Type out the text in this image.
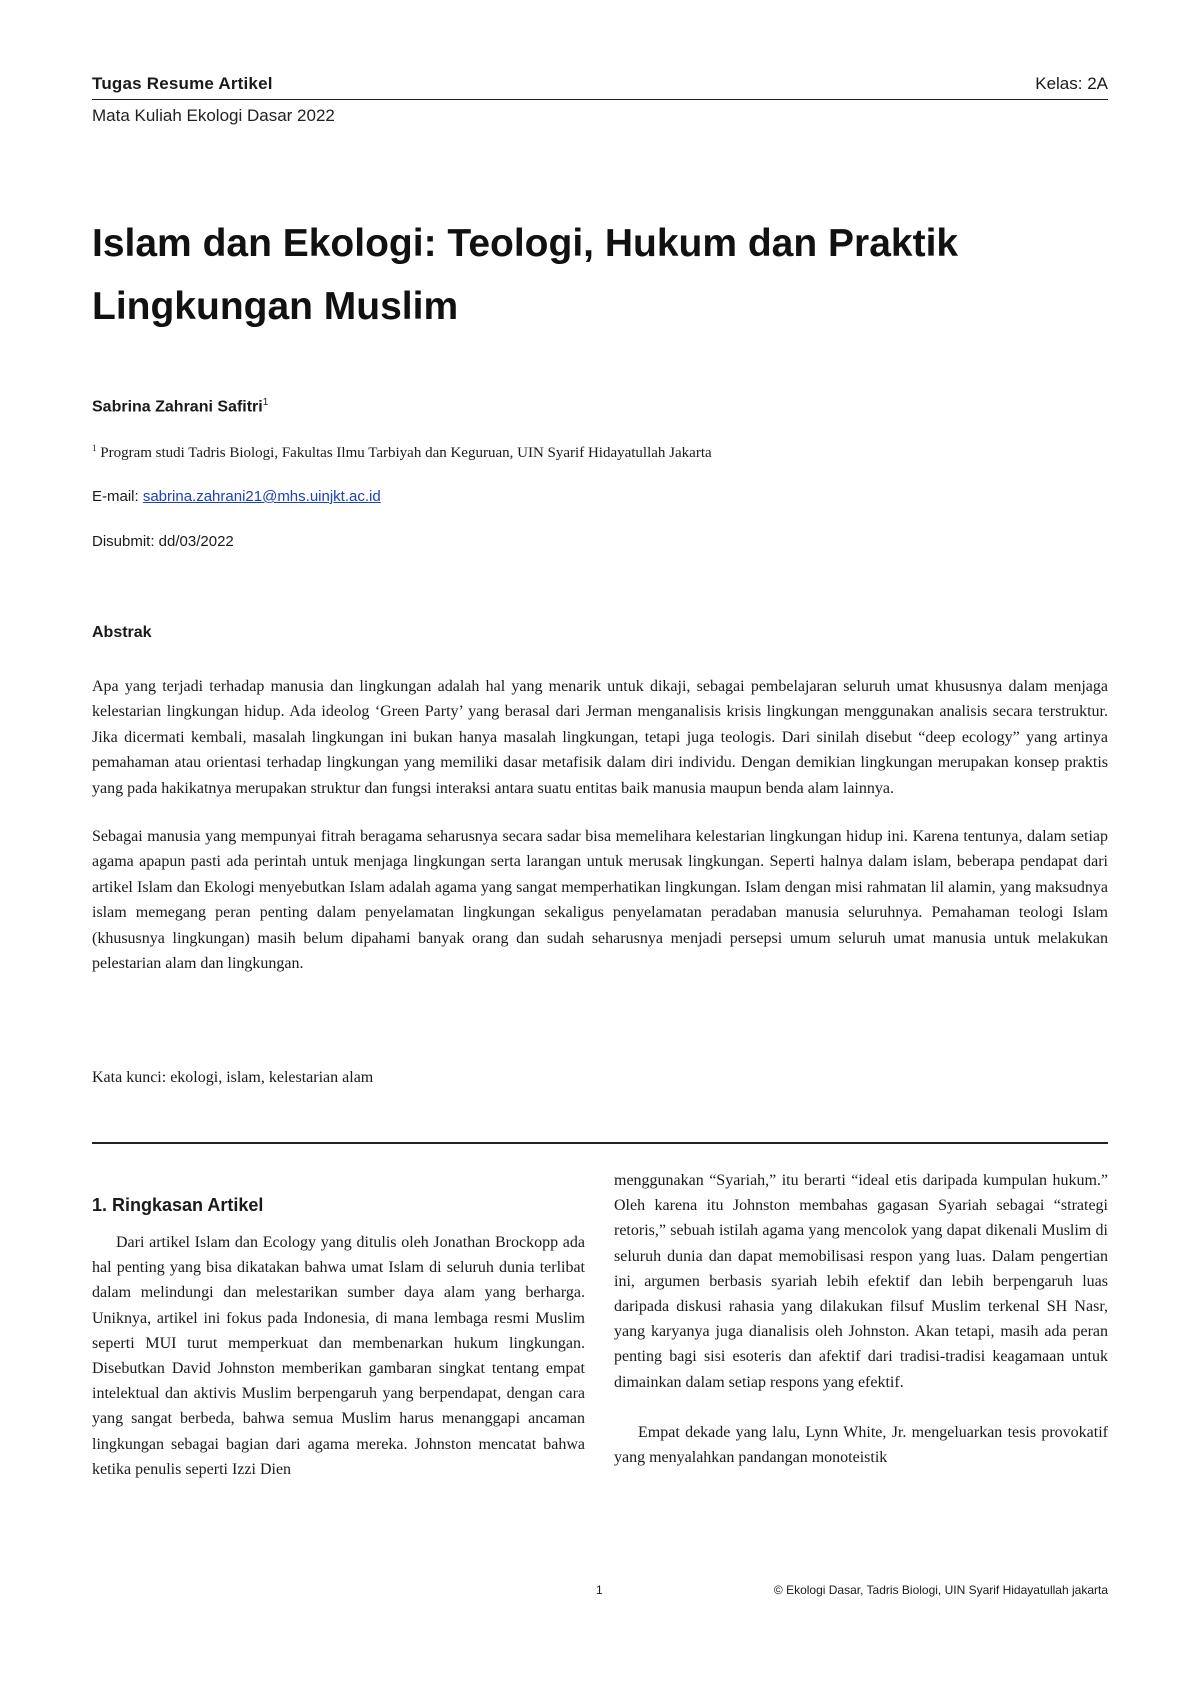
Tugas Resume Artikel	Kelas: 2A
Mata Kuliah Ekologi Dasar 2022
Islam dan Ekologi: Teologi, Hukum dan Praktik
Lingkungan Muslim
Sabrina Zahrani Safitri$^1$
$^1$ Program studi Tadris Biologi, Fakultas Ilmu Tarbiyah dan Keguruan, UIN Syarif Hidayatullah Jakarta
E-mail: sabrina.zahrani21@mhs.uinjkt.ac.id
Disubmit: dd/03/2022
Abstrak

Apa yang terjadi terhadap manusia dan lingkungan adalah hal yang menarik untuk dikaji, sebagai pembelajaran seluruh umat khususnya dalam menjaga kelestarian lingkungan hidup. Ada ideolog ‘Green Party’ yang berasal dari Jerman menganalisis krisis lingkungan menggunakan analisis secara terstruktur. Jika dicermati kembali, masalah lingkungan ini bukan hanya masalah lingkungan, tetapi juga teologis. Dari sinilah disebut “deep ecology” yang artinya pemahaman atau orientasi terhadap lingkungan yang memiliki dasar metafisik dalam diri individu. Dengan demikian lingkungan merupakan konsep praktis yang pada hakikatnya merupakan struktur dan fungsi interaksi antara suatu entitas baik manusia maupun benda alam lainnya.

Sebagai manusia yang mempunyai fitrah beragama seharusnya secara sadar bisa memelihara kelestarian lingkungan hidup ini. Karena tentunya, dalam setiap agama apapun pasti ada perintah untuk menjaga lingkungan serta larangan untuk merusak lingkungan. Seperti halnya dalam islam, beberapa pendapat dari artikel Islam dan Ekologi menyebutkan Islam adalah agama yang sangat memperhatikan lingkungan. Islam dengan misi rahmatan lil alamin, yang maksudnya islam memegang peran penting dalam penyelamatan lingkungan sekaligus penyelamatan peradaban manusia seluruhnya. Pemahaman teologi Islam (khususnya lingkungan) masih belum dipahami banyak orang dan sudah seharusnya menjadi persepsi umum seluruh umat manusia untuk melakukan pelestarian alam dan lingkungan.

Kata kunci: ekologi, islam, kelestarian alam
1. Ringkasan Artikel

Dari artikel Islam dan Ecology yang ditulis oleh Jonathan Brockopp ada hal penting yang bisa dikatakan bahwa umat Islam di seluruh dunia terlibat dalam melindungi dan melestarikan sumber daya alam yang berharga. Uniknya, artikel ini fokus pada Indonesia, di mana lembaga resmi Muslim seperti MUI turut memperkuat dan membenarkan hukum lingkungan. Disebutkan David Johnston memberikan gambaran singkat tentang empat intelektual dan aktivis Muslim berpengaruh yang berpendapat, dengan cara yang sangat berbeda, bahwa semua Muslim harus menanggapi ancaman lingkungan sebagai bagian dari agama mereka. Johnston mencatat bahwa ketika penulis seperti Izzi Dien

menggunakan “Syariah,” itu berarti “ideal etis daripada kumpulan hukum.” Oleh karena itu Johnston membahas gagasan Syariah sebagai “strategi retoris,” sebuah istilah agama yang mencolok yang dapat dikenali Muslim di seluruh dunia dan dapat memobilisasi respon yang luas. Dalam pengertian ini, argumen berbasis syariah lebih efektif dan lebih berpengaruh luas daripada diskusi rahasia yang dilakukan filsuf Muslim terkenal SH Nasr, yang karyanya juga dianalisis oleh Johnston. Akan tetapi, masih ada peran penting bagi sisi esoteris dan afektif dari tradisi-tradisi keagamaan untuk dimainkan dalam setiap respons yang efektif.

Empat dekade yang lalu, Lynn White, Jr. mengeluarkan tesis provokatif yang menyalahkan pandangan monoteistik

1	© Ekologi Dasar, Tadris Biologi, UIN Syarif Hidayatullah jakarta
